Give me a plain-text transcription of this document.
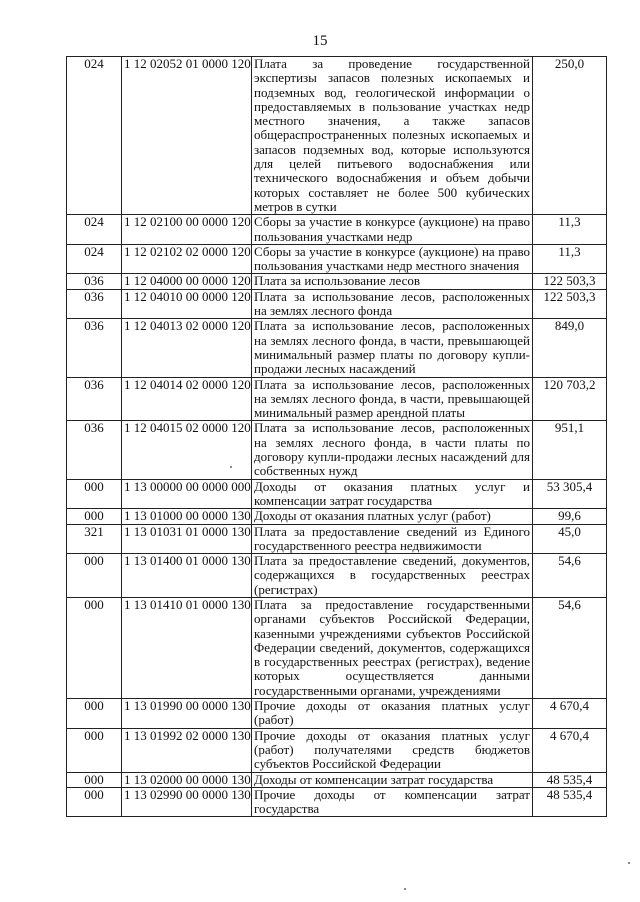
15
024	1 12 02052 01 0000 120	Плата за проведение государственной экспертизы запасов полезных ископаемых и подземных вод, геологической информации о предоставляемых в пользование участках недр местного значения, а также запасов общераспространенных полезных ископаемых и запасов подземных вод, которые используются для целей питьевого водоснабжения или технического водоснабжения и объем добычи которых составляет не более 500 кубических метров в сутки	250,0
024	1 12 02100 00 0000 120	Сборы за участие в конкурсе (аукционе) на право пользования участками недр	11,3
024	1 12 02102 02 0000 120	Сборы за участие в конкурсе (аукционе) на право пользования участками недр местного значения	11,3
036	1 12 04000 00 0000 120	Плата за использование лесов	122 503,3
036	1 12 04010 00 0000 120	Плата за использование лесов, расположенных на землях лесного фонда	122 503,3
036	1 12 04013 02 0000 120	Плата за использование лесов, расположенных на землях лесного фонда, в части, превышающей минимальный размер платы по договору купли-продажи лесных насаждений	849,0
036	1 12 04014 02 0000 120	Плата за использование лесов, расположенных на землях лесного фонда, в части, превышающей минимальный размер арендной платы	120 703,2
036	1 12 04015 02 0000 120	Плата за использование лесов, расположенных на землях лесного фонда, в части платы по договору купли-продажи лесных насаждений для собственных нужд	951,1
000	1 13 00000 00 0000 000	Доходы от оказания платных услуг и компенсации затрат государства	53 305,4
000	1 13 01000 00 0000 130	Доходы от оказания платных услуг (работ)	99,6
321	1 13 01031 01 0000 130	Плата за предоставление сведений из Единого государственного реестра недвижимости	45,0
000	1 13 01400 01 0000 130	Плата за предоставление сведений, документов, содержащихся в государственных реестрах (регистрах)	54,6
000	1 13 01410 01 0000 130	Плата за предоставление государственными органами субъектов Российской Федерации, казенными учреждениями субъектов Российской Федерации сведений, документов, содержащихся в государственных реестрах (регистрах), ведение которых осуществляется данными государственными органами, учреждениями	54,6
000	1 13 01990 00 0000 130	Прочие доходы от оказания платных услуг (работ)	4 670,4
000	1 13 01992 02 0000 130	Прочие доходы от оказания платных услуг (работ) получателями средств бюджетов субъектов Российской Федерации	4 670,4
000	1 13 02000 00 0000 130	Доходы от компенсации затрат государства	48 535,4
000	1 13 02990 00 0000 130	Прочие доходы от компенсации затрат государства	48 535,4
